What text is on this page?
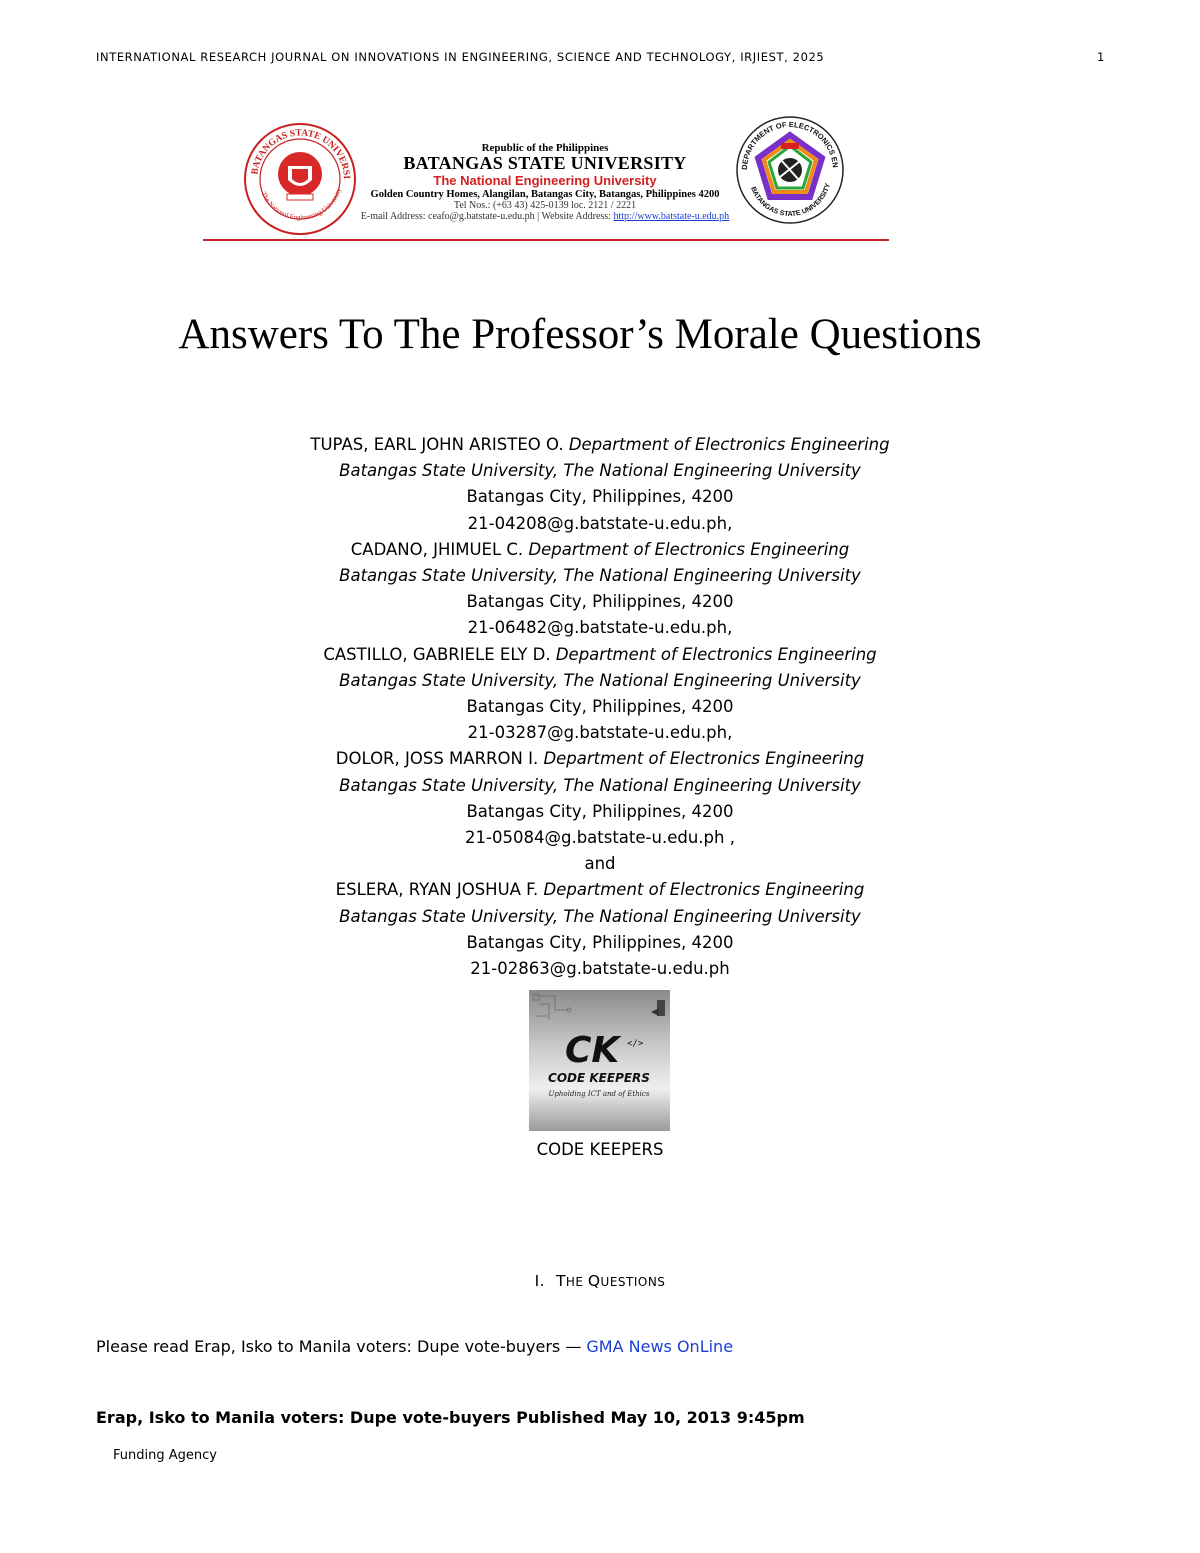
INTERNATIONAL RESEARCH JOURNAL ON INNOVATIONS IN ENGINEERING, SCIENCE AND TECHNOLOGY, IRJIEST, 2025	1
BATANGAS STATE UNIVERSI
The National Engineering University
Republic of the Philippines
BATANGAS STATE UNIVERSITY
The National Engineering University
Golden Country Homes, Alangilan, Batangas City, Batangas, Philippines 4200
Tel Nos.: (+63 43) 425-0139 loc. 2121 / 2221
E-mail Address: ceafo@g.batstate-u.edu.ph | Website Address: http://www.batstate-u.edu.ph
DEPARTMENT OF ELECTRONICS EN
BATANGAS STATE UNIVERSITY
Answers To The Professor’s Morale Questions
TUPAS, EARL JOHN ARISTEO O. Department of Electronics Engineering
Batangas State University, The National Engineering University
Batangas City, Philippines, 4200
21-04208@g.batstate-u.edu.ph,
CADANO, JHIMUEL C. Department of Electronics Engineering
Batangas State University, The National Engineering University
Batangas City, Philippines, 4200
21-06482@g.batstate-u.edu.ph,
CASTILLO, GABRIELE ELY D. Department of Electronics Engineering
Batangas State University, The National Engineering University
Batangas City, Philippines, 4200
21-03287@g.batstate-u.edu.ph,
DOLOR, JOSS MARRON I. Department of Electronics Engineering
Batangas State University, The National Engineering University
Batangas City, Philippines, 4200
21-05084@g.batstate-u.edu.ph ,
and
ESLERA, RYAN JOSHUA F. Department of Electronics Engineering
Batangas State University, The National Engineering University
Batangas City, Philippines, 4200
21-02863@g.batstate-u.edu.ph
CK </>
CODE KEEPERS
Upholding ICT and of Ethics
CODE KEEPERS
I. THE QUESTIONS
Please read Erap, Isko to Manila voters: Dupe vote-buyers — GMA News OnLine
Erap, Isko to Manila voters: Dupe vote-buyers Published May 10, 2013 9:45pm
Funding Agency
